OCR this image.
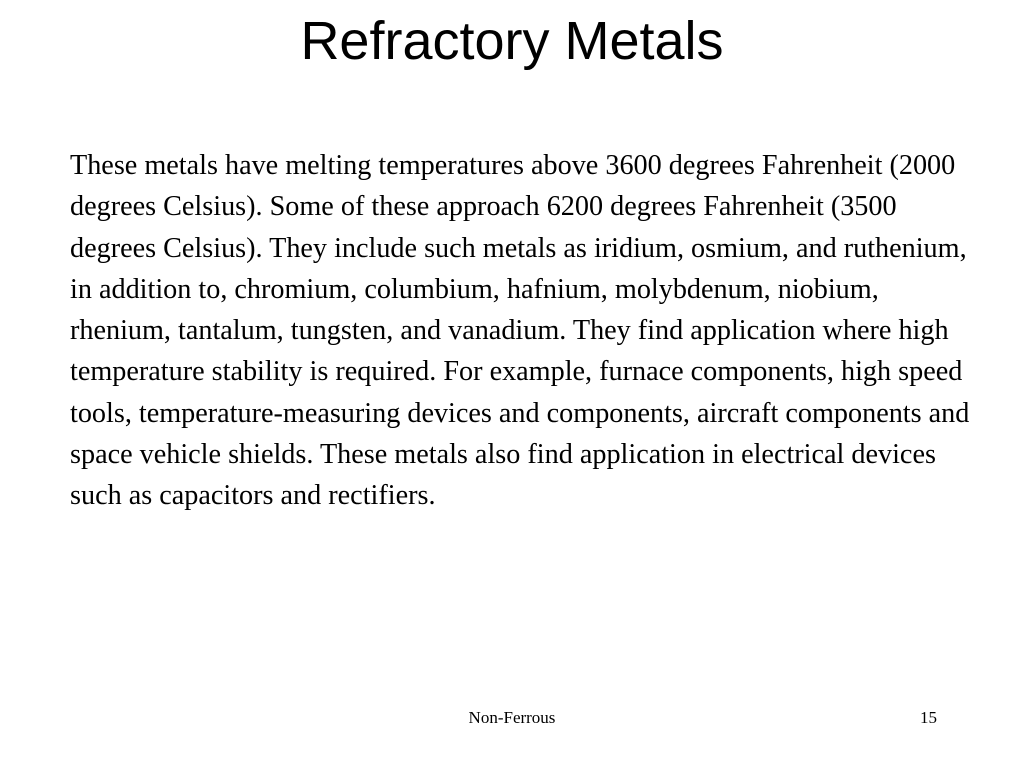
Refractory Metals

These metals have melting temperatures above 3600 degrees Fahrenheit (2000 degrees Celsius). Some of these approach 6200 degrees Fahrenheit (3500 degrees Celsius). They include such metals as iridium, osmium, and ruthenium, in addition to, chromium, columbium, hafnium, molybdenum, niobium, rhenium, tantalum, tungsten, and vanadium. They find application where high temperature stability is required. For example, furnace components, high speed tools, temperature-measuring devices and components, aircraft components and space vehicle shields. These metals also find application in electrical devices such as capacitors and rectifiers.

Non-Ferrous	15
